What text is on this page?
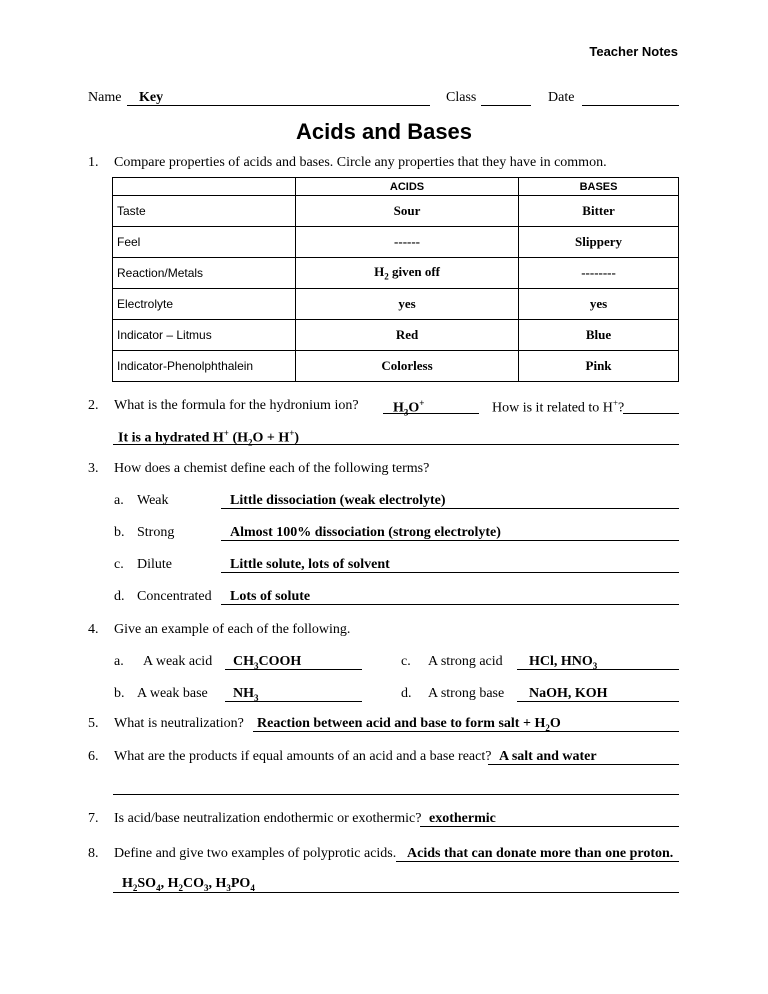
Teacher Notes
Name Key	Class	Date
Acids and Bases
1. Compare properties of acids and bases. Circle any properties that they have in common.
	ACIDS	BASES
Taste	Sour	Bitter
Feel	------	Slippery
Reaction/Metals	$H_2$ given off	--------
Electrolyte	yes	yes
Indicator – Litmus	Red	Blue
Indicator-Phenolphthalein	Colorless	Pink
2. What is the formula for the hydronium ion? $H_3O^+$	How is it related to H+?
It is a hydrated H+ $(H_2O + H^+)$
3. How does a chemist define each of the following terms?
a. Weak	Little dissociation (weak electrolyte)
b. Strong	Almost 100% dissociation (strong electrolyte)
c. Dilute	Little solute, lots of solvent
d. Concentrated Lots of solute
4. Give an example of each of the following.
a. A weak acid $CH_3COOH$	c. A strong acid HCl, $HNO_3$
b. A weak base $NH_3$	d. A strong base NaOH, KOH
5. What is neutralization? Reaction between acid and base to form salt + $H_2O$
6. What are the products if equal amounts of an acid and a base react? A salt and water
7. Is acid/base neutralization endothermic or exothermic? exothermic
8. Define and give two examples of polyprotic acids. Acids that can donate more than one proton.
$H_2SO_4$, $H_2CO_3$, $H_3PO_4$
